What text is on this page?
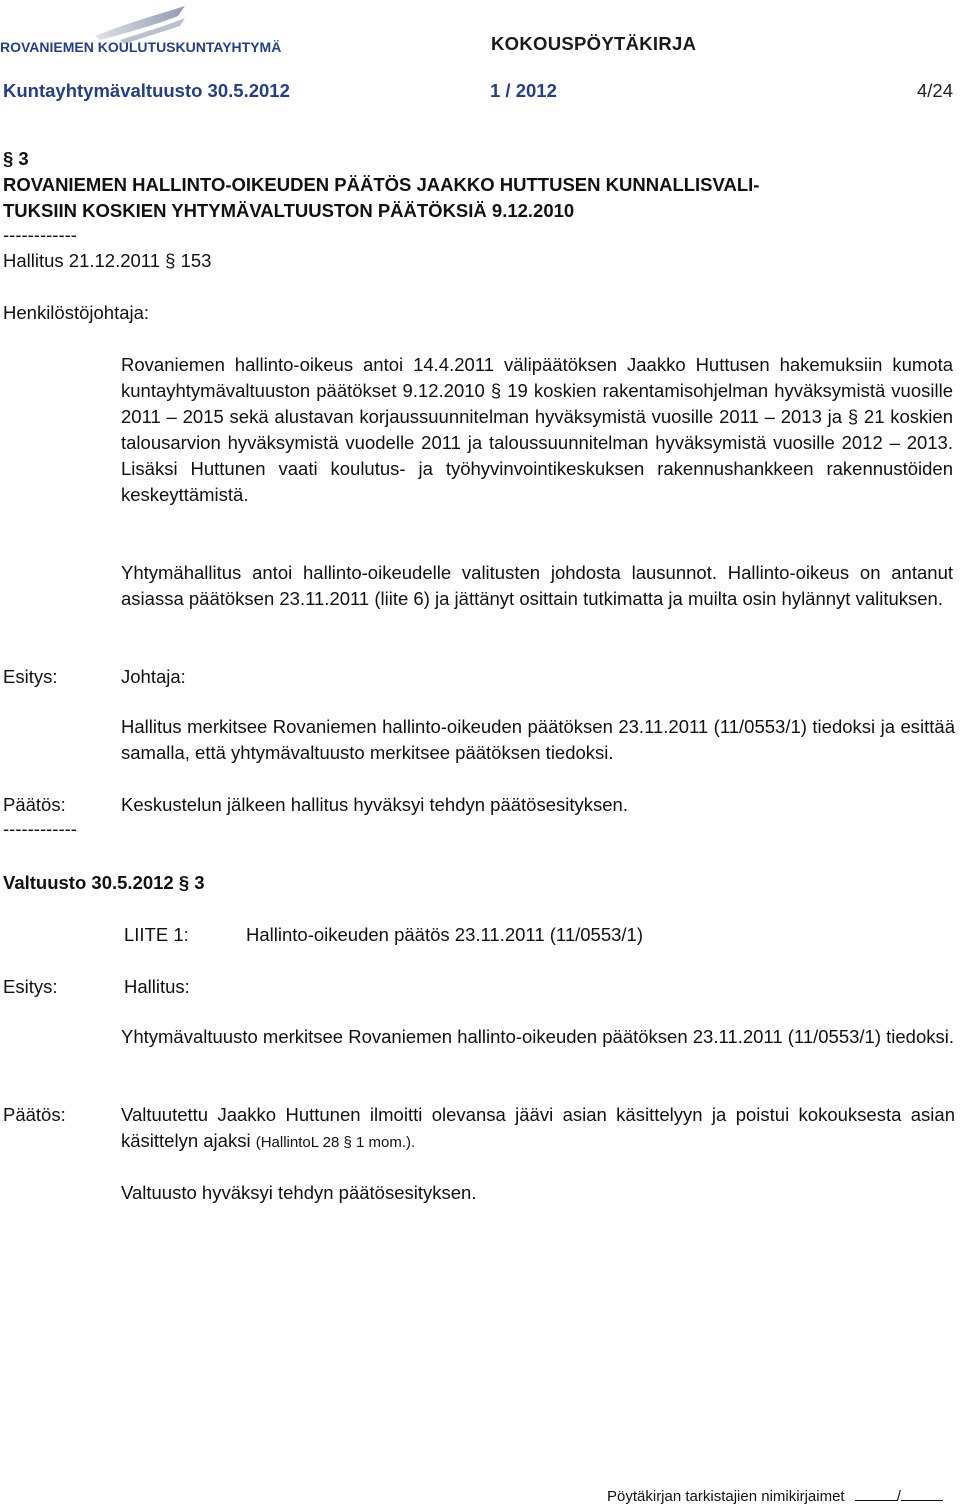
ROVANIEMEN KOULUTUSKUNTAYHTYMÄ	KOKOUSPÖYTÄKIRJA
Kuntayhtymävaltuusto 30.5.2012	1 / 2012	4/24
§ 3
ROVANIEMEN HALLINTO-OIKEUDEN PÄÄTÖS JAAKKO HUTTUSEN KUNNALLISVALI-
TUKSIIN KOSKIEN YHTYMÄVALTUUSTON PÄÄTÖKSIÄ 9.12.2010
------------
Hallitus 21.12.2011 § 153
Henkilöstöjohtaja:
Rovaniemen hallinto-oikeus antoi 14.4.2011 välipäätöksen Jaakko Huttusen hakemuksiin kumota kuntayhtymävaltuuston päätökset 9.12.2010 § 19 koskien rakentamisohjelman hyväksymistä vuosille 2011 – 2015 sekä alustavan korjaussuunnitelman hyväksymistä vuosille 2011 – 2013 ja § 21 koskien talousarvion hyväksymistä vuodelle 2011 ja taloussuunnitelman hyväksymistä vuosille 2012 – 2013. Lisäksi Huttunen vaati koulutus- ja työhyvinvointikeskuksen rakennushankkeen rakennustöiden keskeyttämistä.
Yhtymähallitus antoi hallinto-oikeudelle valitusten johdosta lausunnot. Hallinto-oikeus on antanut asiassa päätöksen 23.11.2011 (liite 6) ja jättänyt osittain tutkimatta ja muilta osin hylännyt valituksen.
Esitys:	Johtaja:
Hallitus merkitsee Rovaniemen hallinto-oikeuden päätöksen 23.11.2011 (11/0553/1) tiedoksi ja esittää samalla, että yhtymävaltuusto merkitsee päätöksen tiedoksi.
Päätös:	Keskustelun jälkeen hallitus hyväksyi tehdyn päätösesityksen.
------------
Valtuusto 30.5.2012 § 3
LIITE 1:	Hallinto-oikeuden päätös 23.11.2011 (11/0553/1)
Esitys:	Hallitus:
Yhtymävaltuusto merkitsee Rovaniemen hallinto-oikeuden päätöksen 23.11.2011 (11/0553/1) tiedoksi.
Päätös:	Valtuutettu Jaakko Huttunen ilmoitti olevansa jäävi asian käsittelyyn ja poistui kokouksesta asian käsittelyn ajaksi (HallintoL 28 § 1 mom.).
Valtuusto hyväksyi tehdyn päätösesityksen.
Pöytäkirjan tarkistajien nimikirjaimet	/
